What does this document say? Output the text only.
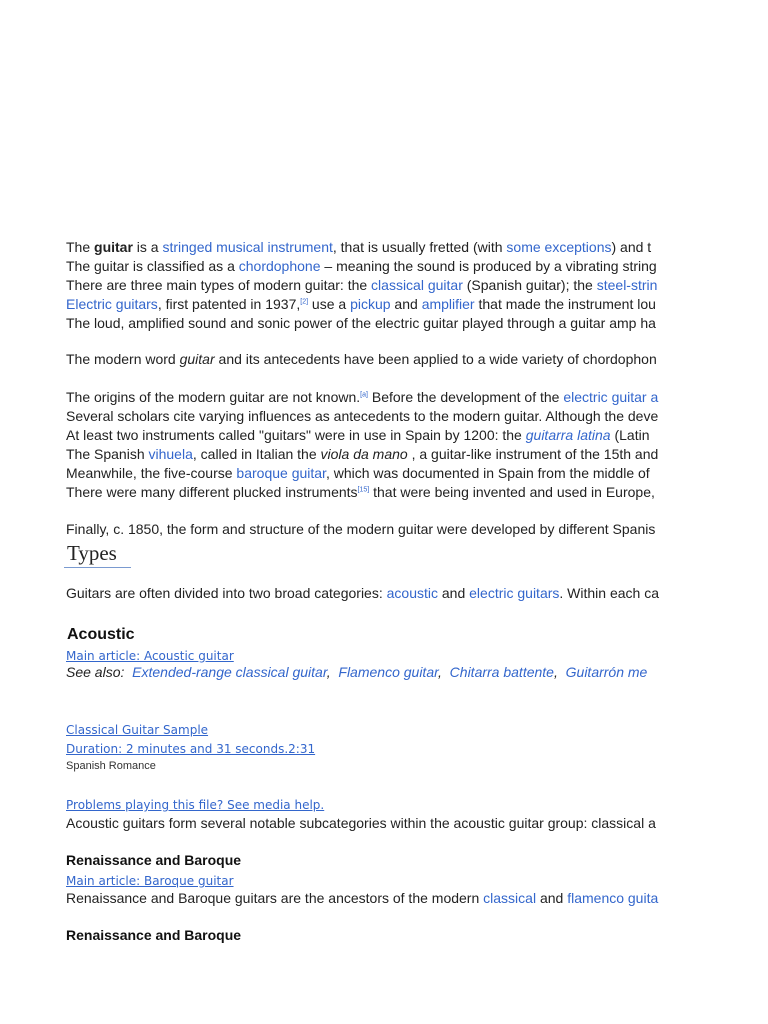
The guitar is a stringed musical instrument, that is usually fretted (with some exceptions) and t
The guitar is classified as a chordophone – meaning the sound is produced by a vibrating string
There are three main types of modern guitar: the classical guitar (Spanish guitar); the steel-strin
Electric guitars, first patented in 1937,[2] use a pickup and amplifier that made the instrument lou
The loud, amplified sound and sonic power of the electric guitar played through a guitar amp ha
The modern word guitar and its antecedents have been applied to a wide variety of chordophon
The origins of the modern guitar are not known.[a] Before the development of the electric guitar a
Several scholars cite varying influences as antecedents to the modern guitar. Although the deve
At least two instruments called "guitars" were in use in Spain by 1200: the guitarra latina (Latin
The Spanish vihuela, called in Italian the viola da mano , a guitar-like instrument of the 15th and
Meanwhile, the five-course baroque guitar, which was documented in Spain from the middle of
There were many different plucked instruments[15] that were being invented and used in Europe,
Finally, c. 1850, the form and structure of the modern guitar were developed by different Spanis
Types
Guitars are often divided into two broad categories: acoustic and electric guitars. Within each ca
Acoustic
Main article: Acoustic guitar
See also: Extended-range classical guitar,  Flamenco guitar,  Chitarra battente,  Guitarrón me
Classical Guitar Sample
Duration: 2 minutes and 31 seconds.2:31
Spanish Romance
Problems playing this file? See media help.
Acoustic guitars form several notable subcategories within the acoustic guitar group: classical a
Renaissance and Baroque
Main article: Baroque guitar
Renaissance and Baroque guitars are the ancestors of the modern classical and flamenco guita
Renaissance and Baroque
